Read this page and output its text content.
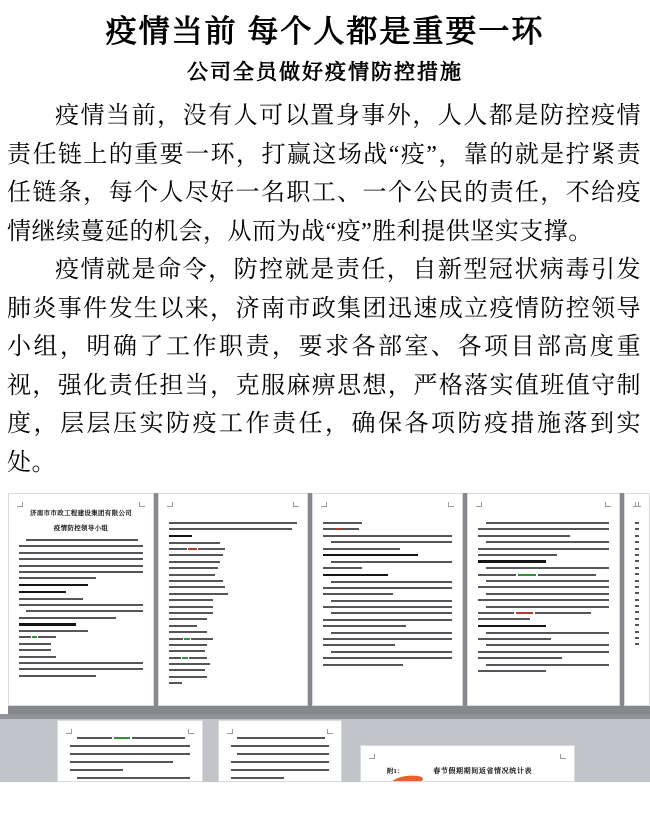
疫情当前 每个人都是重要一环
公司全员做好疫情防控措施

疫情当前，没有人可以置身事外，人人都是防控疫情责任链上的重要一环，打赢这场战“疫”，靠的就是拧紧责任链条，每个人尽好一名职工、一个公民的责任，不给疫情继续蔓延的机会，从而为战“疫”胜利提供坚实支撑。

疫情就是命令，防控就是责任，自新型冠状病毒引发肺炎事件发生以来，济南市政集团迅速成立疫情防控领导小组，明确了工作职责，要求各部室、各项目部高度重视，强化责任担当，克服麻痹思想，严格落实值班值守制度，层层压实防疫工作责任，确保各项防疫措施落到实处。

济南市市政工程建设集团有限公司
疫情防控领导小组
附1：	春节假期期间返省情况统计表
